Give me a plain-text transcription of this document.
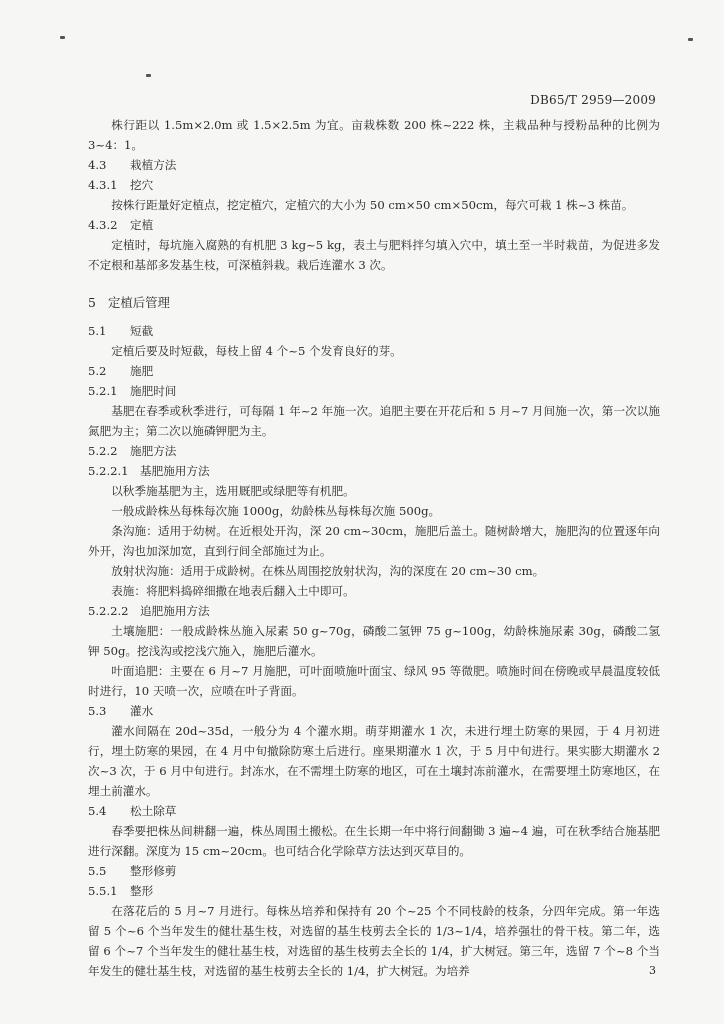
DB65/T 2959—2009

株行距以 1.5m×2.0m 或 1.5×2.5m 为宜。亩栽株数 200 株~222 株，主栽品种与授粉品种的比例为 3~4：1。

4.3 栽植方法

4.3.1 挖穴

按株行距量好定植点，挖定植穴，定植穴的大小为 50 cm×50 cm×50cm，每穴可栽 1 株~3 株苗。

4.3.2 定植

定植时，每坑施入腐熟的有机肥 3 kg~5 kg，表土与肥料拌匀填入穴中，填土至一半时栽苗，为促进多发不定根和基部多发基生枝，可深植斜栽。栽后连灌水 3 次。

5 定植后管理

5.1 短截

定植后要及时短截，每枝上留 4 个~5 个发育良好的芽。

5.2 施肥

5.2.1 施肥时间

基肥在春季或秋季进行，可每隔 1 年~2 年施一次。追肥主要在开花后和 5 月~7 月间施一次，第一次以施氮肥为主；第二次以施磷钾肥为主。

5.2.2 施肥方法

5.2.2.1 基肥施用方法

以秋季施基肥为主，选用厩肥或绿肥等有机肥。

一般成龄株丛每株每次施 1000g，幼龄株丛每株每次施 500g。

条沟施：适用于幼树。在近根处开沟，深 20 cm~30cm，施肥后盖土。随树龄增大，施肥沟的位置逐年向外开，沟也加深加宽，直到行间全部施过为止。

放射状沟施：适用于成龄树。在株丛周围挖放射状沟，沟的深度在 20 cm~30 cm。

表施：将肥料捣碎细撒在地表后翻入土中即可。

5.2.2.2 追肥施用方法

土壤施肥：一般成龄株丛施入尿素 50 g~70g，磷酸二氢钾 75 g~100g，幼龄株施尿素 30g，磷酸二氢钾 50g。挖浅沟或挖浅穴施入，施肥后灌水。

叶面追肥：主要在 6 月~7 月施肥，可叶面喷施叶面宝、绿风 95 等微肥。喷施时间在傍晚或早晨温度较低时进行，10 天喷一次，应喷在叶子背面。

5.3 灌水

灌水间隔在 20d~35d，一般分为 4 个灌水期。萌芽期灌水 1 次，未进行埋土防寒的果园，于 4 月初进行，埋土防寒的果园，在 4 月中旬撤除防寒土后进行。座果期灌水 1 次，于 5 月中旬进行。果实膨大期灌水 2 次~3 次，于 6 月中旬进行。封冻水，在不需埋土防寒的地区，可在土壤封冻前灌水，在需要埋土防寒地区，在埋土前灌水。

5.4 松土除草

春季要把株丛间耕翻一遍，株丛周围土搬松。在生长期一年中将行间翻锄 3 遍~4 遍，可在秋季结合施基肥进行深翻。深度为 15 cm~20cm。也可结合化学除草方法达到灭草目的。

5.5 整形修剪

5.5.1 整形

在落花后的 5 月~7 月进行。每株丛培养和保持有 20 个~25 个不同枝龄的枝条，分四年完成。第一年选留 5 个~6 个当年发生的健壮基生枝，对选留的基生枝剪去全长的 1/3~1/4，培养强壮的骨干枝。第二年，选留 6 个~7 个当年发生的健壮基生枝，对选留的基生枝剪去全长的 1/4，扩大树冠。第三年，选留 7 个~8 个当年发生的健壮基生枝，对选留的基生枝剪去全长的 1/4，扩大树冠。为培养	3
